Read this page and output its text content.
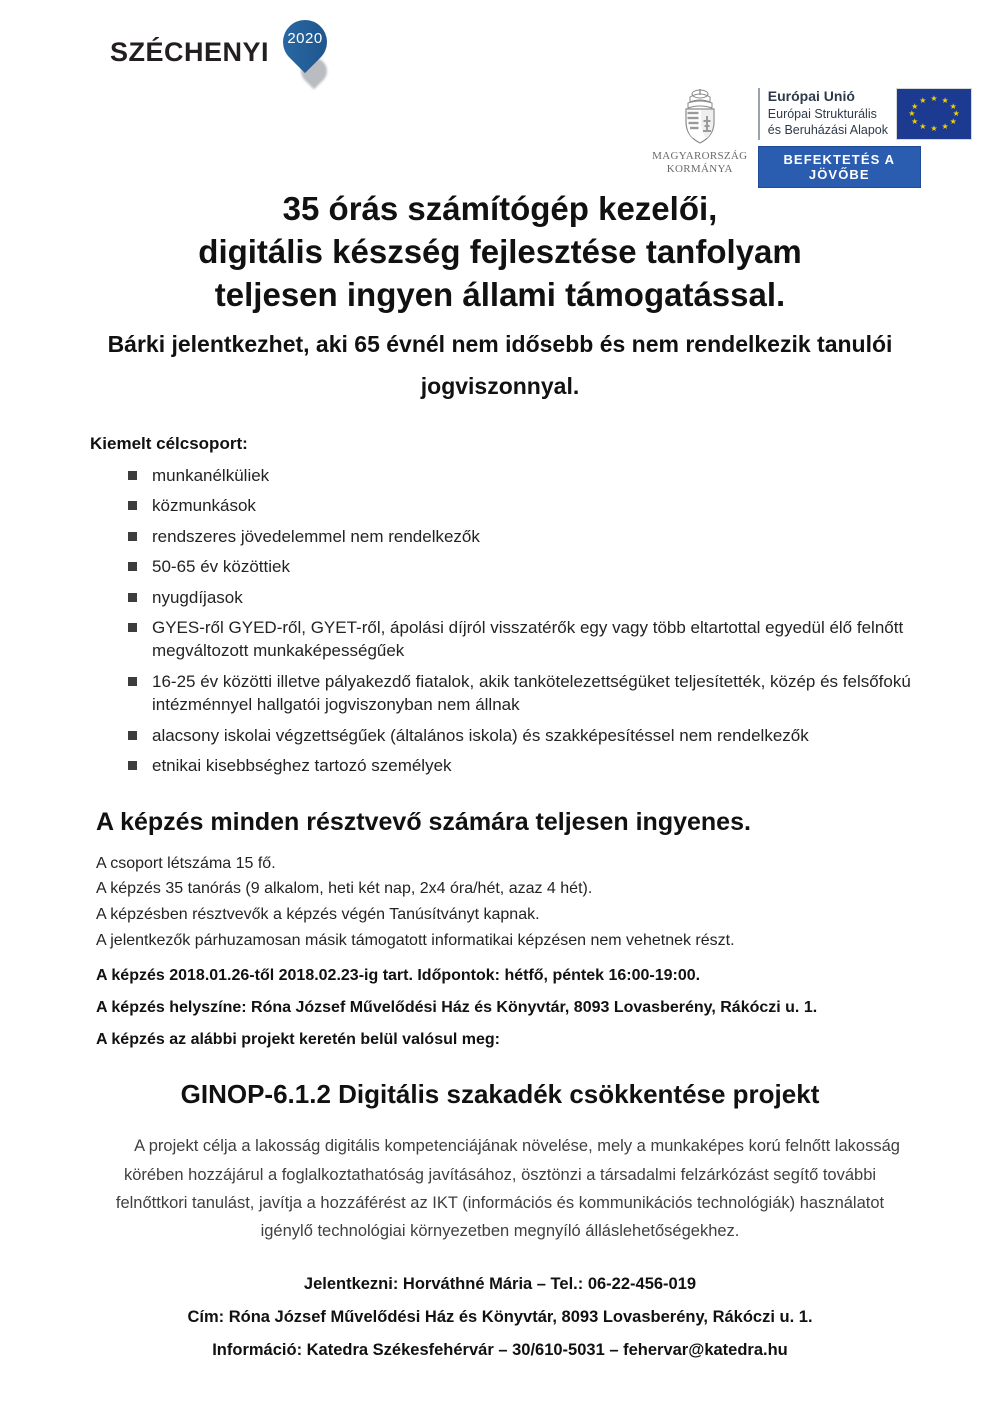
SZÉCHENYI 2020
MAGYARORSZÁG
KORMÁNYA
Európai Unió
Európai Strukturális
és Beruházási Alapok
★ ★
★
★
★
★
★
★
★
★
★
★
BEFEKTETÉS A JÖVŐBE
35 órás számítógép kezelői,
digitális készség fejlesztése tanfolyam
teljesen ingyen állami támogatással.
Bárki jelentkezhet, aki 65 évnél nem idősebb és nem rendelkezik tanulói jogviszonnyal.
Kiemelt célcsoport:
munkanélküliek
közmunkások
rendszeres jövedelemmel nem rendelkezők
50-65 év közöttiek
nyugdíjasok
GYES-ről GYED-ről, GYET-ről, ápolási díjról visszatérők egy vagy több eltartottal egyedül élő felnőtt megváltozott munkaképességűek
16-25 év közötti illetve pályakezdő fiatalok, akik tankötelezettségüket teljesítették, közép és felsőfokú intézménnyel hallgatói jogviszonyban nem állnak
alacsony iskolai végzettségűek (általános iskola) és szakképesítéssel nem rendelkezők
etnikai kisebbséghez tartozó személyek
A képzés minden résztvevő számára teljesen ingyenes.
A csoport létszáma 15 fő.
A képzés 35 tanórás (9 alkalom, heti két nap, 2x4 óra/hét, azaz 4 hét).
A képzésben résztvevők a képzés végén Tanúsítványt kapnak.
A jelentkezők párhuzamosan másik támogatott informatikai képzésen nem vehetnek részt.
A képzés 2018.01.26-től 2018.02.23-ig tart. Időpontok: hétfő, péntek 16:00-19:00.
A képzés helyszíne: Róna József Művelődési Ház és Könyvtár, 8093 Lovasberény, Rákóczi u. 1.
A képzés az alábbi projekt keretén belül valósul meg:
GINOP-6.1.2 Digitális szakadék csökkentése projekt
A projekt célja a lakosság digitális kompetenciájának növelése, mely a munkaképes korú felnőtt lakosság körében hozzájárul a foglalkoztathatóság javításához, ösztönzi a társadalmi felzárkózást segítő további felnőttkori tanulást, javítja a hozzáférést az IKT (információs és kommunikációs technológiák) használatot igénylő technológiai környezetben megnyíló álláslehetőségekhez.
Jelentkezni: Horváthné Mária – Tel.: 06-22-456-019
Cím: Róna József Művelődési Ház és Könyvtár, 8093 Lovasberény, Rákóczi u. 1.
Információ: Katedra Székesfehérvár – 30/610-5031 – fehervar@katedra.hu
